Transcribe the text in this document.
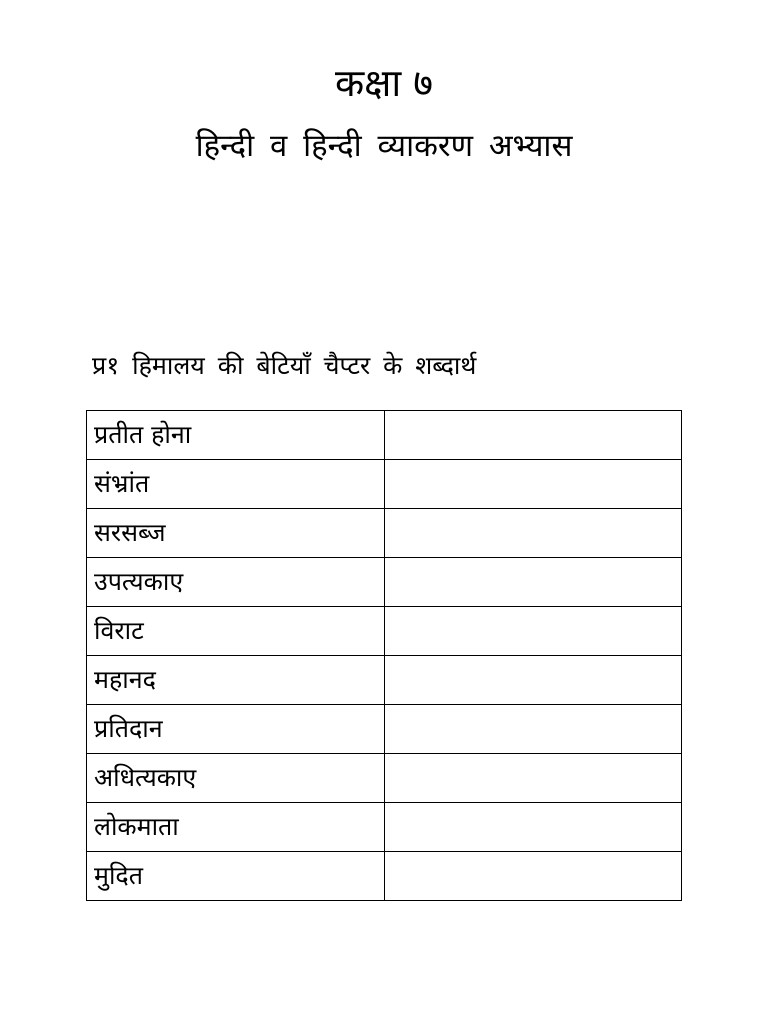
कक्षा ७
हिन्दी व हिन्दी व्याकरण अभ्यास

प्र१ हिमालय की बेटियाँ चैप्टर के शब्दार्थ

प्रतीत होना	
संभ्रांत	
सरसब्ज	
उपत्यकाए	
विराट	
महानद	
प्रतिदान	
अधित्यकाए	
लोकमाता	
मुदित	
